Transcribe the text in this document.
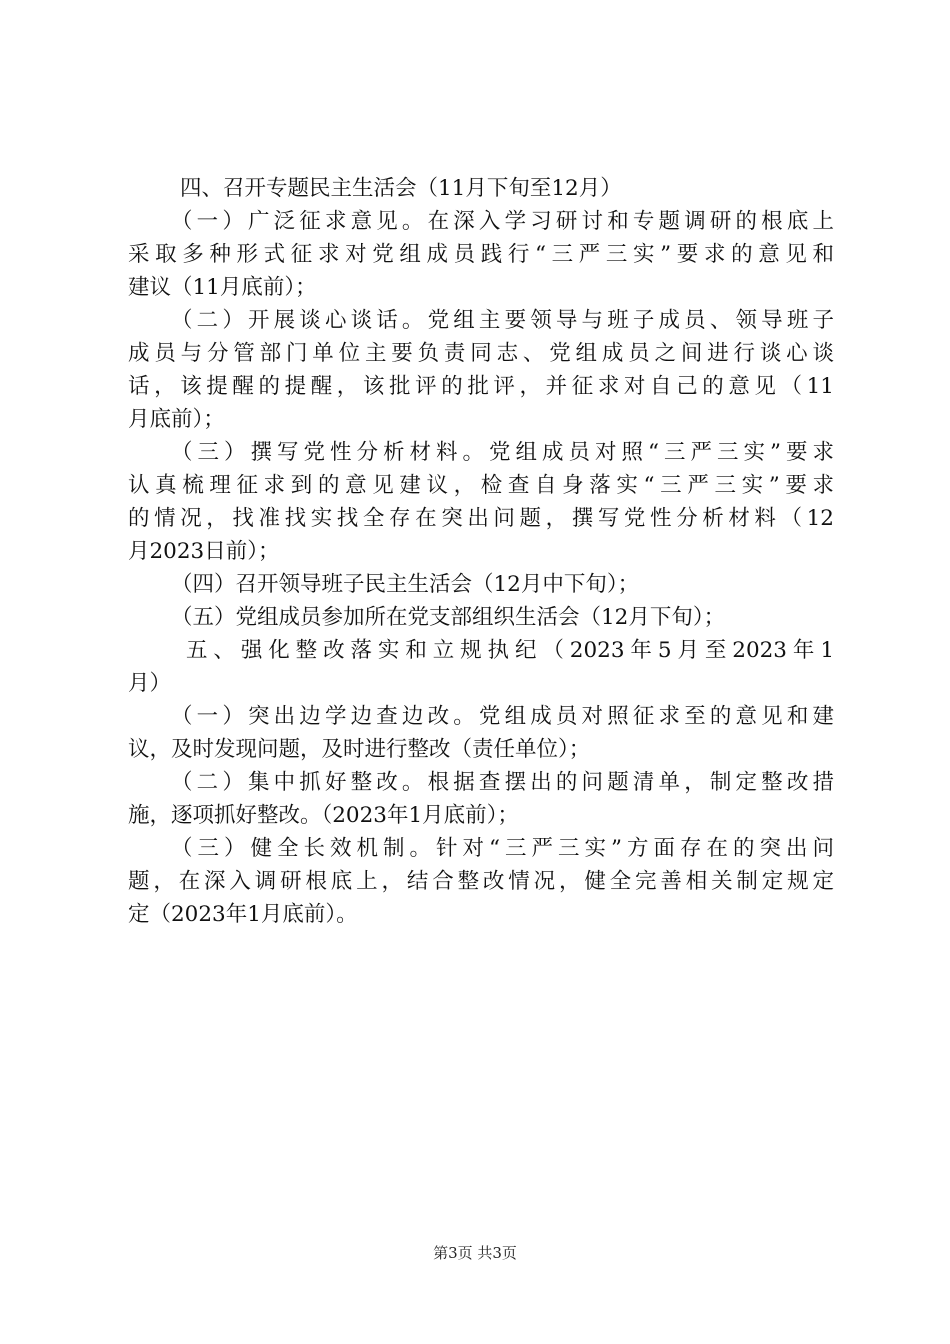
四、召开专题民主生活会（11月下旬至12月）
（一）广泛征求意见。在深入学习研讨和专题调研的根底上
采取多种形式征求对党组成员践行“三严三实”要求的意见和
建议（11月底前）；
（二）开展谈心谈话。党组主要领导与班子成员、领导班子
成员与分管部门单位主要负责同志、党组成员之间进行谈心谈
话，该提醒的提醒，该批评的批评，并征求对自己的意见（11
月底前）；
（三）撰写党性分析材料。党组成员对照“三严三实”要求
认真梳理征求到的意见建议，检查自身落实“三严三实”要求
的情况，找准找实找全存在突出问题，撰写党性分析材料（12
月2023日前）；
（四）召开领导班子民主生活会（12月中下旬）；
（五）党组成员参加所在党支部组织生活会（12月下旬）；
五、强化整改落实和立规执纪（2023年5月至2023年1
月）
（一）突出边学边查边改。党组成员对照征求至的意见和建
议，及时发现问题，及时进行整改（责任单位）；
（二）集中抓好整改。根据查摆出的问题清单，制定整改措
施，逐项抓好整改。（2023年1月底前）；
（三）健全长效机制。针对“三严三实”方面存在的突出问
题，在深入调研根底上，结合整改情况，健全完善相关制定规定
定（2023年1月底前）。
第3页 共3页
